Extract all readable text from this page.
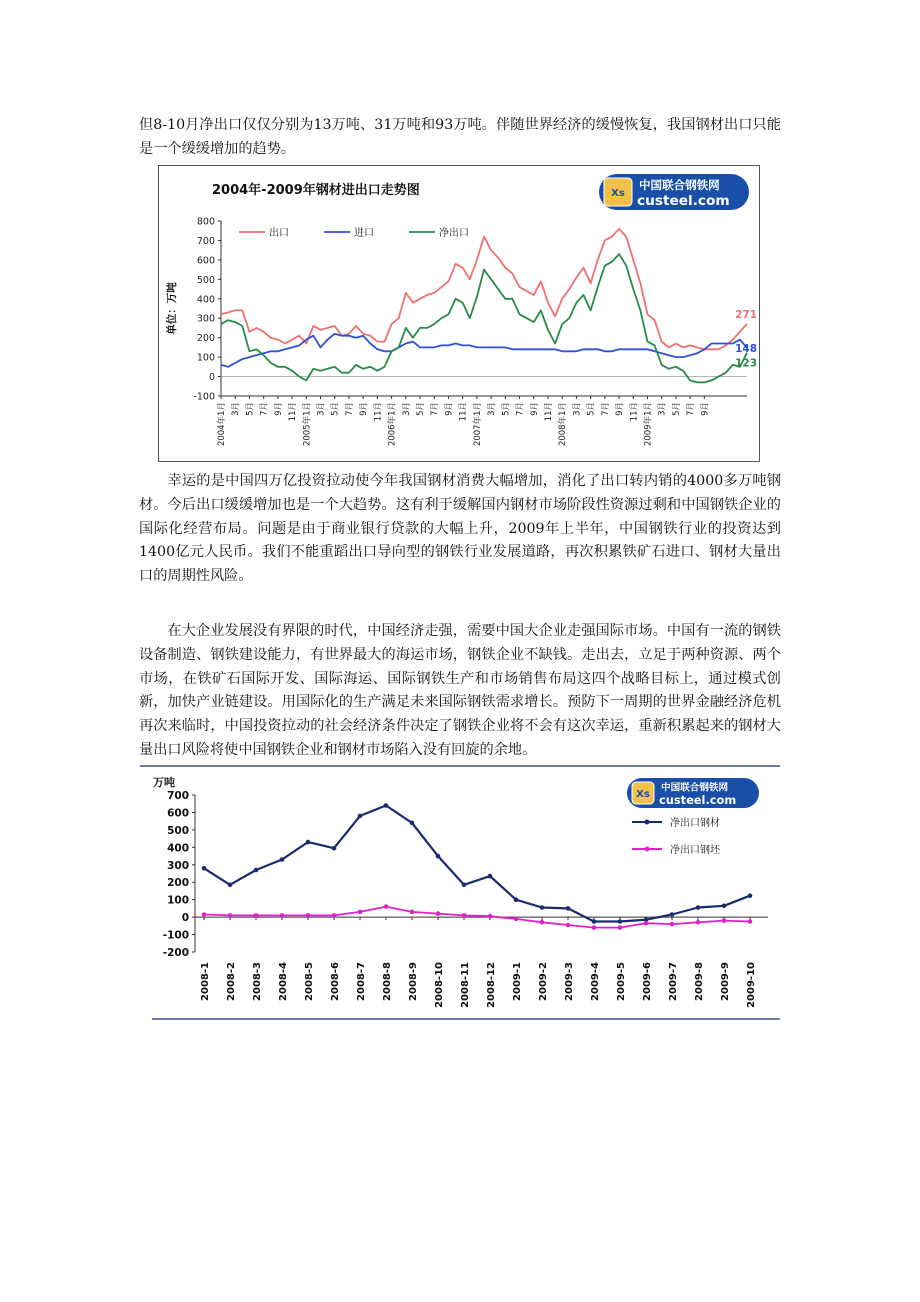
但8-10月净出口仅仅分别为13万吨、31万吨和93万吨。伴随世界经济的缓慢恢复，我国钢材出口只能是一个缓缓增加的趋势。

2004年-2009年钢材进出口走势图	Xs
中国联合钢铁网
custeel.com
-100
0
100
200
300
400
500
600
700
800
单位：万吨
2004年1月 3月 5月 7月 9月 11月 2005年1月 3月 5月 7月 9月 11月 2006年1月 3月 5月 7月 9月 11月 2007年1月 3月 5月 7月 9月 11月 2008年1月 3月 5月 7月 9月 11月 2009年1月 3月 5月 7月 9月
出口	进口	净出口
271
148
123

幸运的是中国四万亿投资拉动使今年我国钢材消费大幅增加，消化了出口转内销的4000多万吨钢材。今后出口缓缓增加也是一个大趋势。这有利于缓解国内钢材市场阶段性资源过剩和中国钢铁企业的国际化经营布局。问题是由于商业银行贷款的大幅上升，2009年上半年，中国钢铁行业的投资达到1400亿元人民币。我们不能重蹈出口导向型的钢铁行业发展道路，再次积累铁矿石进口、钢材大量出口的周期性风险。

在大企业发展没有界限的时代，中国经济走强，需要中国大企业走强国际市场。中国有一流的钢铁设备制造、钢铁建设能力，有世界最大的海运市场，钢铁企业不缺钱。走出去，立足于两种资源、两个市场，在铁矿石国际开发、国际海运、国际钢铁生产和市场销售布局这四个战略目标上，通过模式创新，加快产业链建设。用国际化的生产满足未来国际钢铁需求增长。预防下一周期的世界金融经济危机再次来临时，中国投资拉动的社会经济条件决定了钢铁企业将不会有这次幸运，重新积累起来的钢材大量出口风险将使中国钢铁企业和钢材市场陷入没有回旋的余地。

万吨
Xs
中国联合钢铁网
custeel.com
700
600
500
400
300
200
100
0
-100
-200
2008-1 2008-2 2008-3 2008-4 2008-5 2008-6 2008-7 2008-8 2008-9 2008-10 2008-11 2008-12 2009-1 2009-2 2009-3 2009-4 2009-5 2009-6 2009-7 2009-8 2009-9 2009-10
净出口钢材
净出口钢坯
